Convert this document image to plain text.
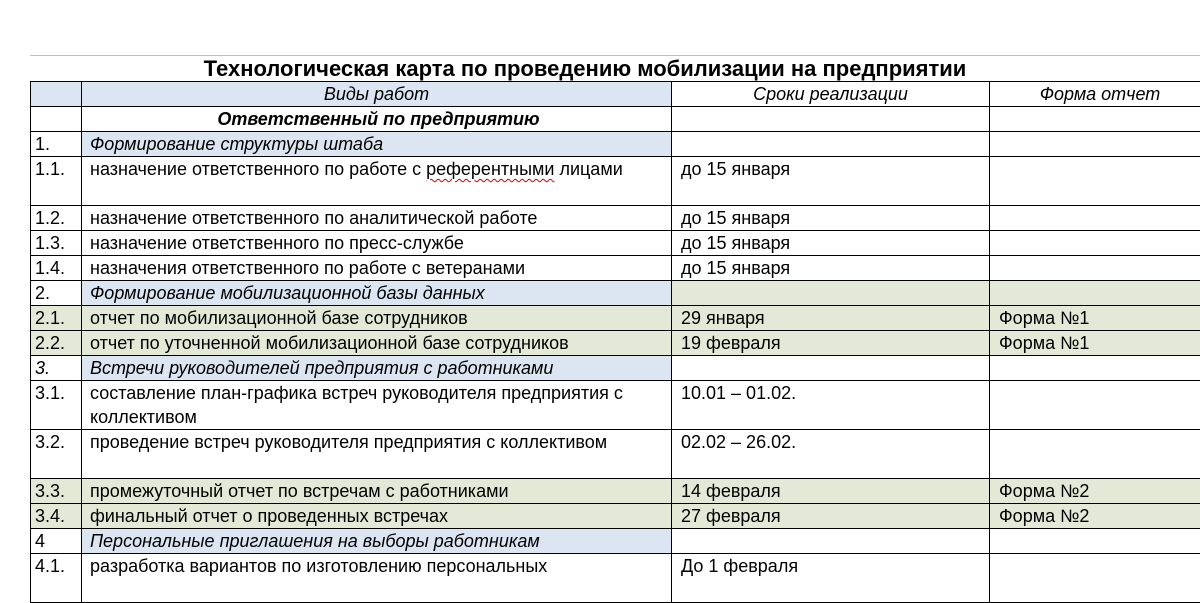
Технологическая карта по проведению мобилизации на предприятии
	Виды работ	Сроки реализации	Форма отчет
	Ответственный по предприятию		
1.	Формирование структуры штаба		
1.1.	назначение ответственного по работе с референтными лицами	до 15 января	
1.2.	назначение ответственного по аналитической работе	до 15 января	
1.3.	назначение ответственного по пресс-службе	до 15 января	
1.4.	назначения ответственного по работе с ветеранами	до 15 января	
2.	Формирование мобилизационной базы данных		
2.1.	отчет по мобилизационной базе сотрудников	29 января	Форма №1
2.2.	отчет по уточненной мобилизационной базе сотрудников	19 февраля	Форма №1
3.	Встречи руководителей предприятия с работниками		
3.1.	составление план-графика встреч руководителя предприятия с коллективом	10.01 – 01.02.	
3.2.	проведение встреч руководителя предприятия с коллективом	02.02 – 26.02.	
3.3.	промежуточный отчет по встречам с работниками	14 февраля	Форма №2
3.4.	финальный отчет о проведенных встречах	27 февраля	Форма №2
4	Персональные приглашения на выборы работникам		
4.1.	разработка вариантов по изготовлению персональных	До 1 февраля	
